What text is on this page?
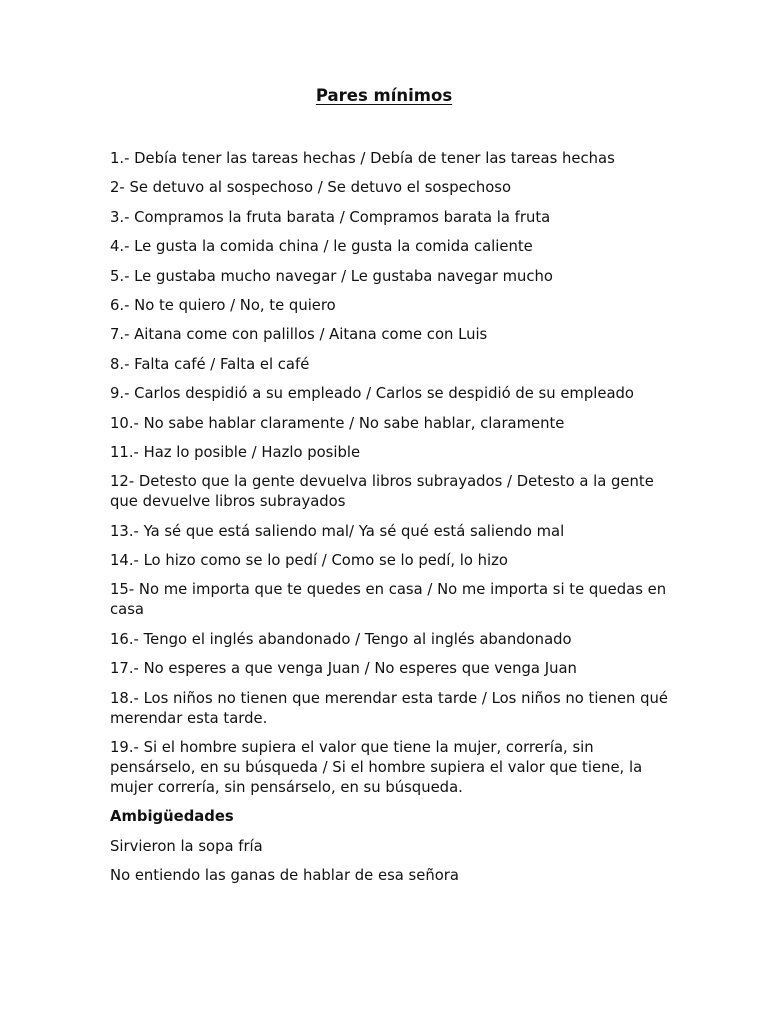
Pares mínimos

1.- Debía tener las tareas hechas / Debía de tener las tareas hechas

2- Se detuvo al sospechoso / Se detuvo el sospechoso

3.- Compramos la fruta barata / Compramos barata la fruta

4.- Le gusta la comida china / le gusta la comida caliente

5.- Le gustaba mucho navegar / Le gustaba navegar mucho

6.- No te quiero / No, te quiero

7.- Aitana come con palillos / Aitana come con Luis

8.- Falta café / Falta el café

9.- Carlos despidió a su empleado / Carlos se despidió de su empleado

10.- No sabe hablar claramente / No sabe hablar, claramente

11.- Haz lo posible / Hazlo posible

12- Detesto que la gente devuelva libros subrayados / Detesto a la gente que devuelve libros subrayados

13.- Ya sé que está saliendo mal/ Ya sé qué está saliendo mal

14.- Lo hizo como se lo pedí / Como se lo pedí, lo hizo

15- No me importa que te quedes en casa / No me importa si te quedas en casa

16.- Tengo el inglés abandonado / Tengo al inglés abandonado

17.- No esperes a que venga Juan / No esperes que venga Juan

18.- Los niños no tienen que merendar esta tarde / Los niños no tienen qué merendar esta tarde.

19.- Si el hombre supiera el valor que tiene la mujer, correría, sin pensárselo, en su búsqueda / Si el hombre supiera el valor que tiene, la mujer correría, sin pensárselo, en su búsqueda.

Ambigüedades

Sirvieron la sopa fría

No entiendo las ganas de hablar de esa señora
